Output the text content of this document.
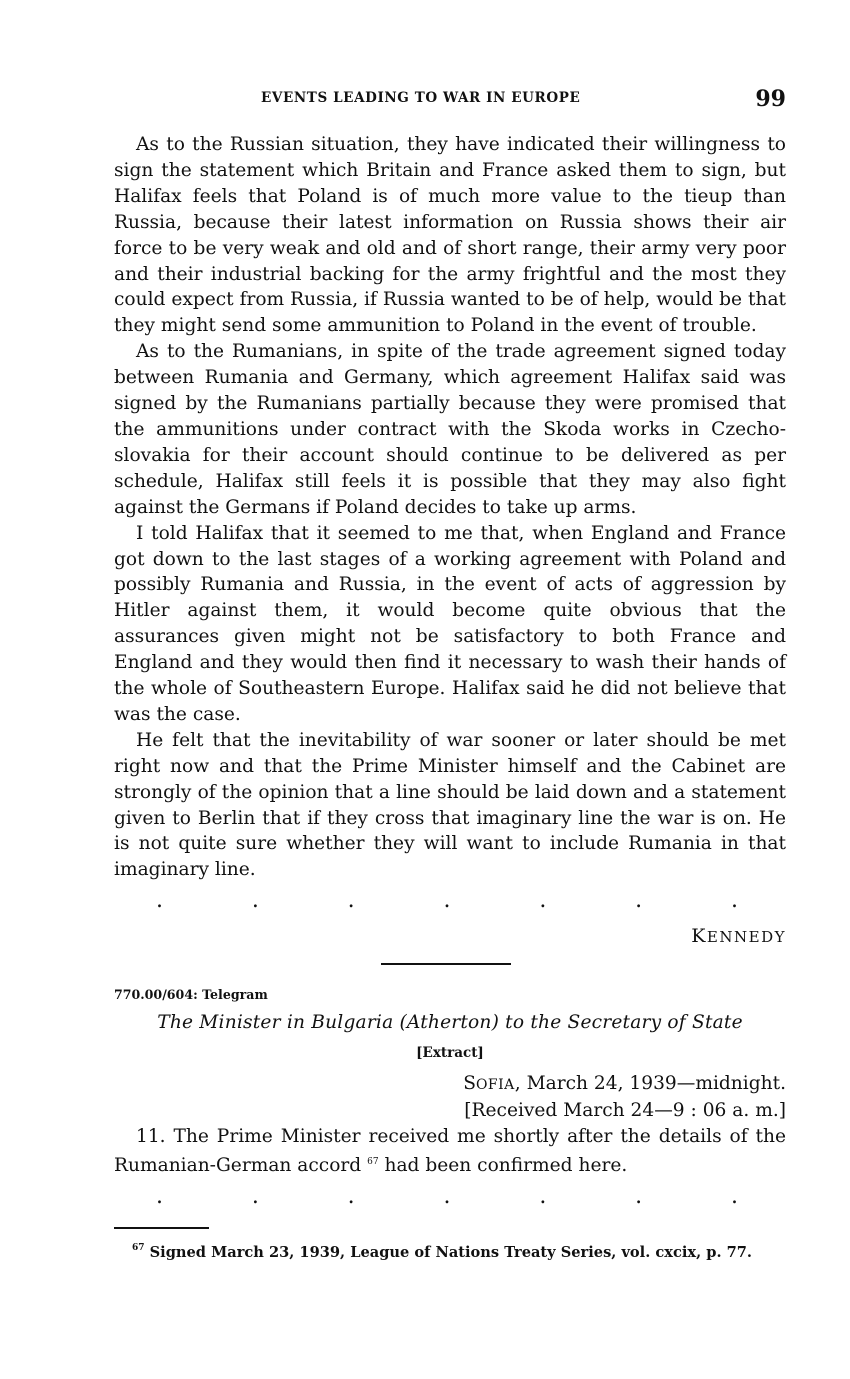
EVENTS LEADING TO WAR IN EUROPE	99

As to the Russian situation, they have indicated their willingness to sign the statement which Britain and France asked them to sign, but Halifax feels that Poland is of much more value to the tieup than Russia, because their latest information on Russia shows their air force to be very weak and old and of short range, their army very poor and their industrial backing for the army frightful and the most they could expect from Russia, if Russia wanted to be of help, would be that they might send some ammunition to Poland in the event of trouble.

As to the Rumanians, in spite of the trade agreement signed today between Rumania and Germany, which agreement Halifax said was signed by the Rumanians partially because they were promised that the ammunitions under contract with the Skoda works in Czechoslovakia for their account should continue to be delivered as per schedule, Halifax still feels it is possible that they may also fight against the Germans if Poland decides to take up arms.

I told Halifax that it seemed to me that, when England and France got down to the last stages of a working agreement with Poland and possibly Rumania and Russia, in the event of acts of aggression by Hitler against them, it would become quite obvious that the assurances given might not be satisfactory to both France and England and they would then find it necessary to wash their hands of the whole of Southeastern Europe. Halifax said he did not believe that was the case.

He felt that the inevitability of war sooner or later should be met right now and that the Prime Minister himself and the Cabinet are strongly of the opinion that a line should be laid down and a statement given to Berlin that if they cross that imaginary line the war is on. He is not quite sure whether they will want to include Rumania in that imaginary line.

.	.	.	.	.	.	.
KENNEDY
770.00/604: Telegram
The Minister in Bulgaria (Atherton) to the Secretary of State
[Extract]
SOFIA, March 24, 1939—midnight.
[Received March 24—9 : 06 a. m.]

11. The Prime Minister received me shortly after the details of the Rumanian-German accord $^{67}$ had been confirmed here.

.	.	.	.	.	.	.
$^{67}$ Signed March 23, 1939, League of Nations Treaty Series, vol. cxcix, p. 77.
